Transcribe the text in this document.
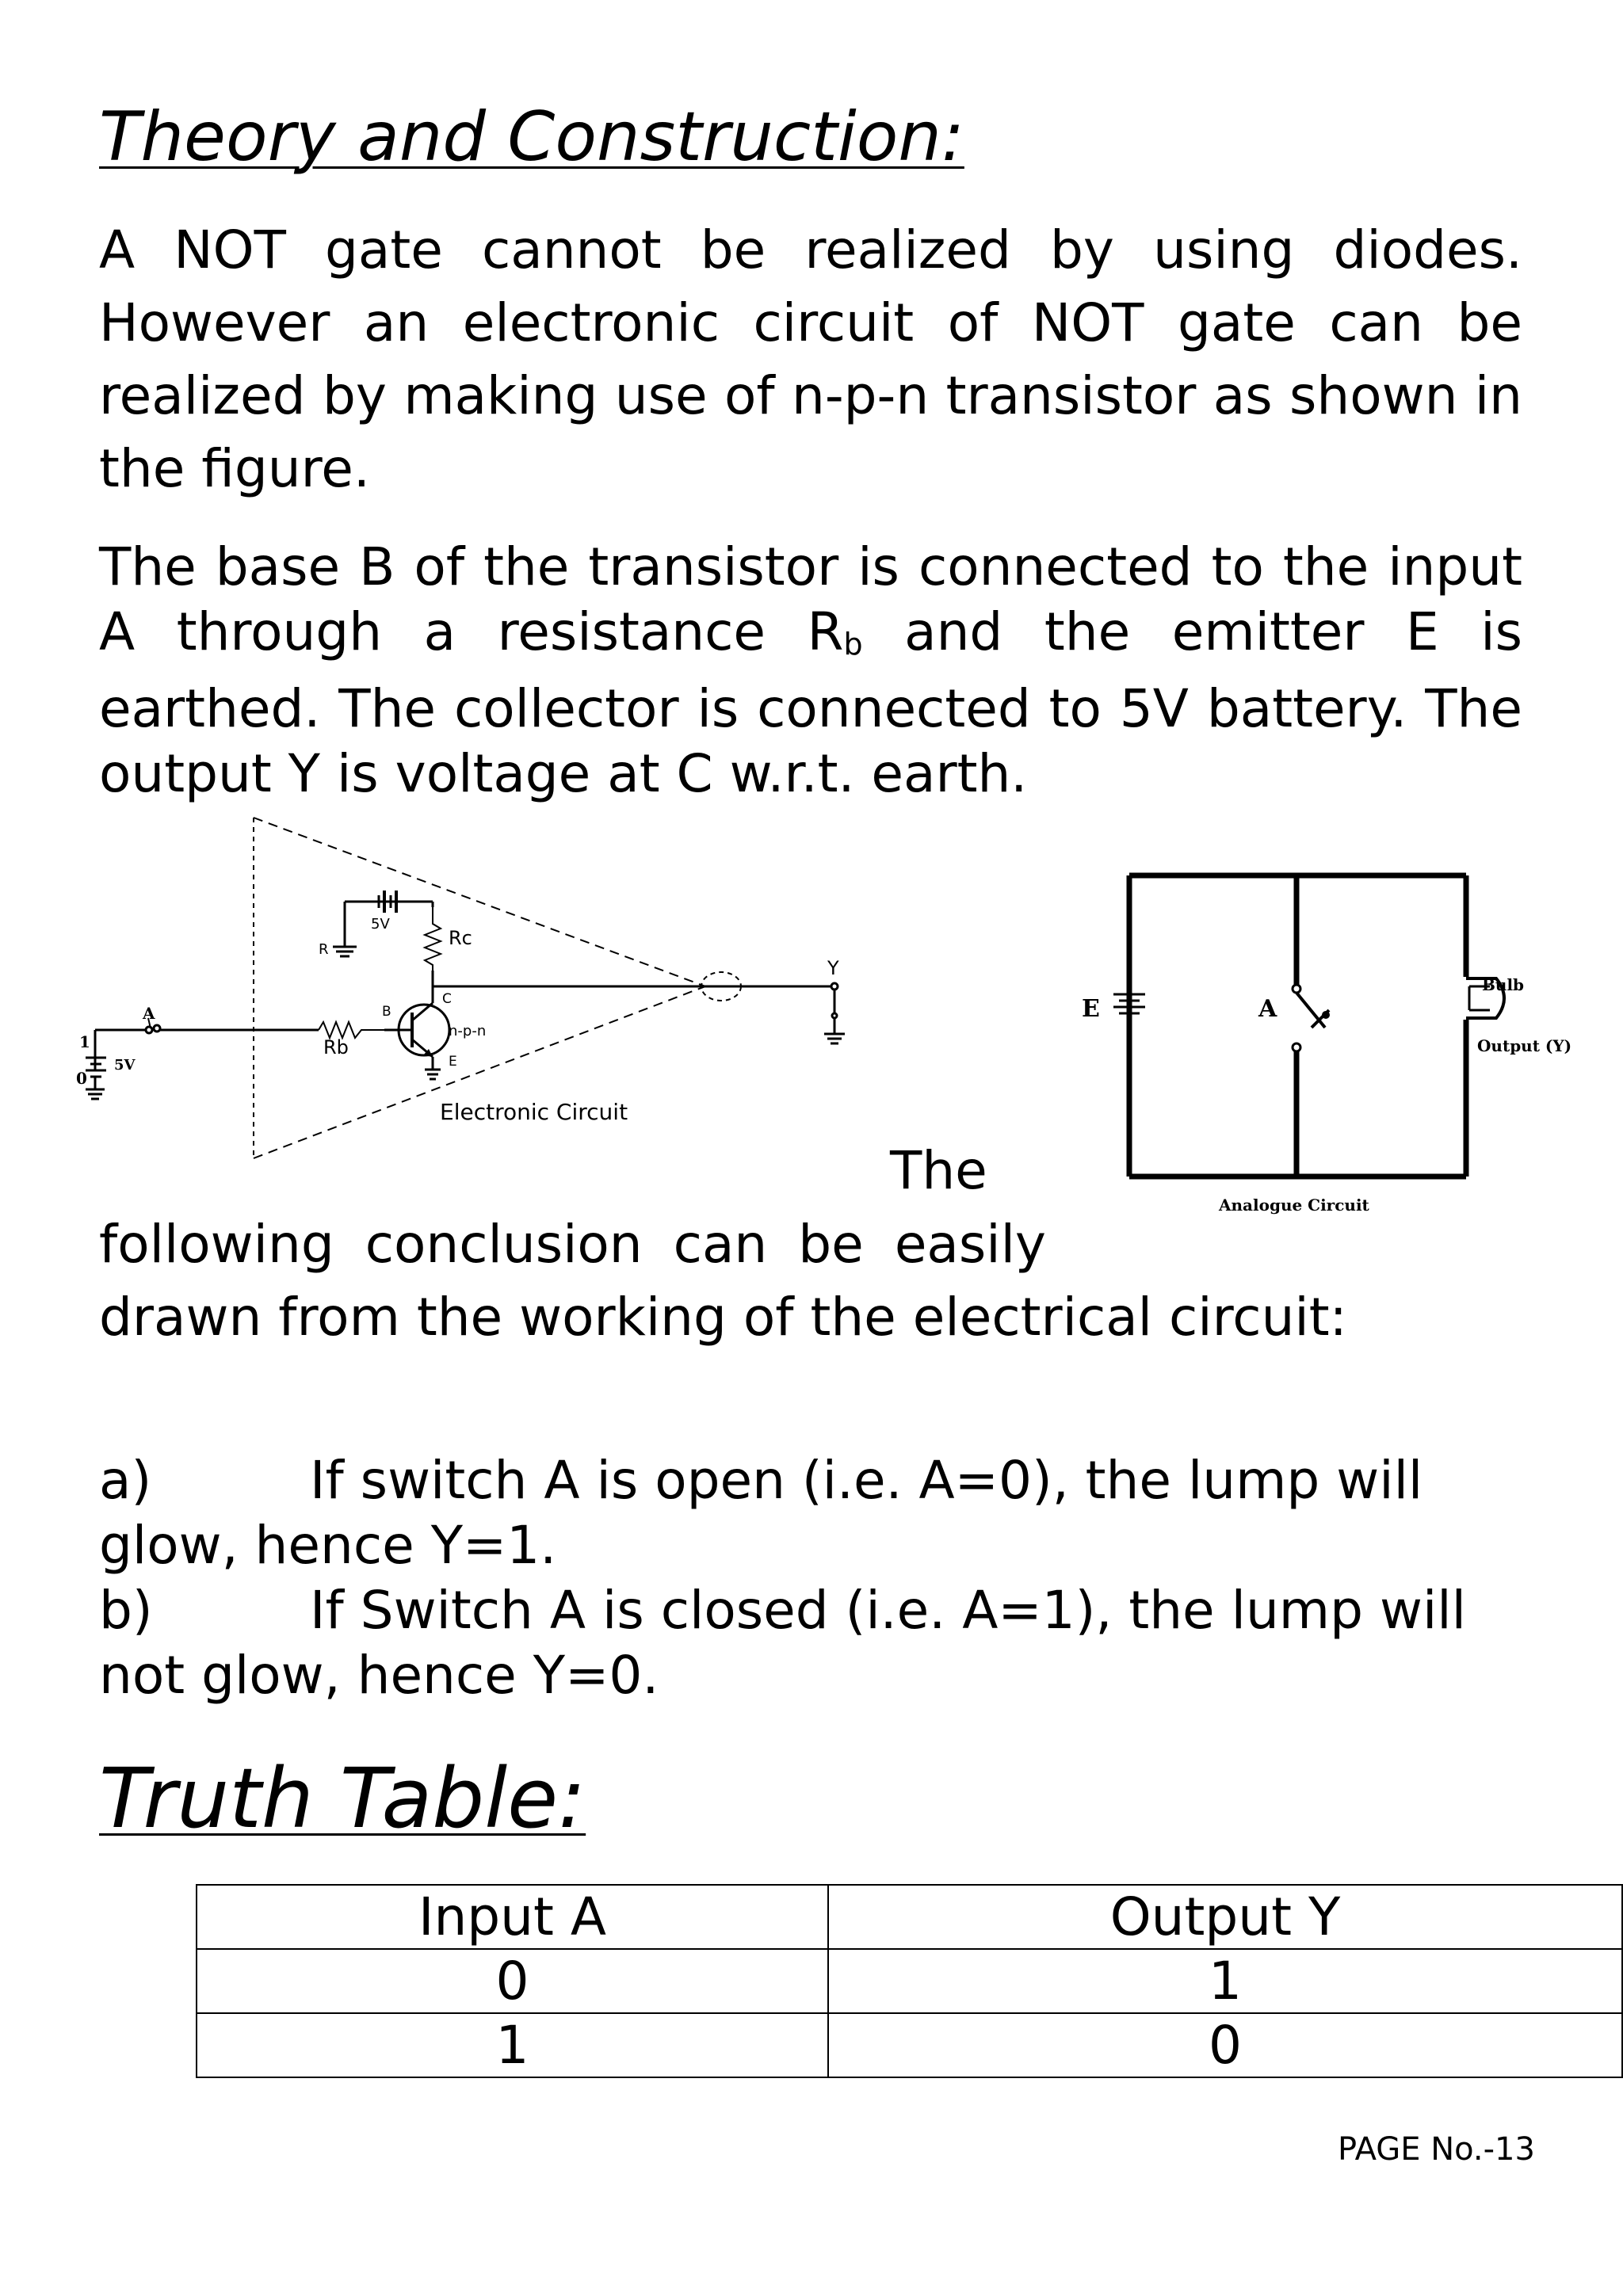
Theory and Construction:
A NOT gate cannot be realized by using diodes. However an electronic circuit of NOT gate can be realized by making use of n-p-n transistor as shown in the figure.
The base B of the transistor is connected to the input A through a resistance Rb and the emitter E is earthed. The collector is connected to 5V battery. The output Y is voltage at C w.r.t. earth.
5V
R
Rc
B
C
n-p-n
Rb
E
Electronic Circuit
Y
A
1
5V
0
E	A
Bulb
Output (Y)
Analogue Circuit
The
following conclusion can be easily
drawn from the working of the electrical circuit:
a)	If switch A is open (i.e. A=0), the lump will
glow, hence Y=1.
b)	If Switch A is closed (i.e. A=1), the lump will
not glow, hence Y=0.
Truth Table:
Input A	Output Y
0	1
1	0
PAGE No.-13
